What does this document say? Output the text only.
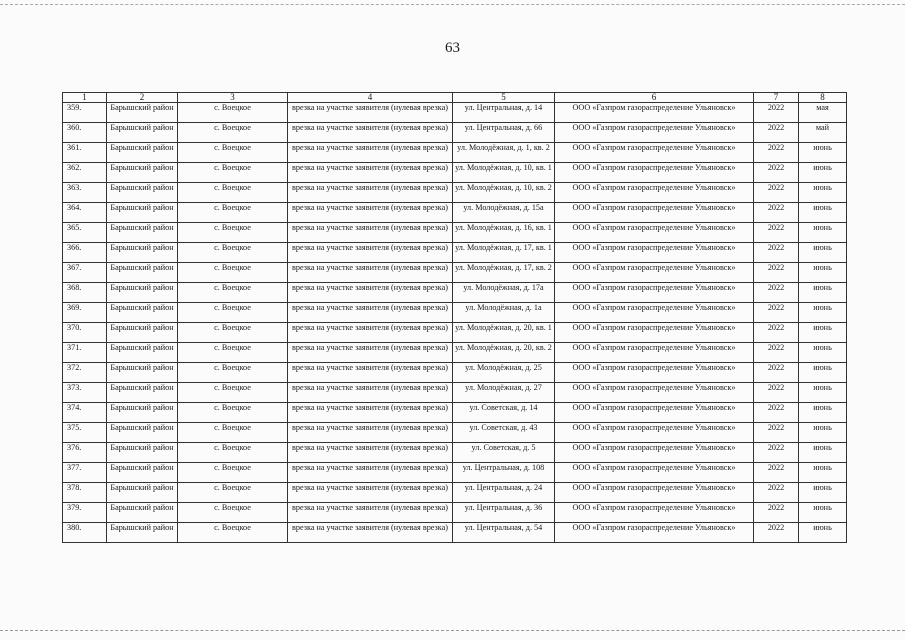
63
1	2	3	4	5	6	7	8
359.	Барышский район	с. Воецкое	врезка на участке заявителя (нулевая врезка)	ул. Центральная, д. 14	ООО «Газпром газораспределение Ульяновск»	2022	мая
360.	Барышский район	с. Воецкое	врезка на участке заявителя (нулевая врезка)	ул. Центральная, д. 66	ООО «Газпром газораспределение Ульяновск»	2022	май
361.	Барышский район	с. Воецкое	врезка на участке заявителя (нулевая врезка)	ул. Молодёжная, д. 1, кв. 2	ООО «Газпром газораспределение Ульяновск»	2022	июнь
362.	Барышский район	с. Воецкое	врезка на участке заявителя (нулевая врезка)	ул. Молодёжная, д. 10, кв. 1	ООО «Газпром газораспределение Ульяновск»	2022	июнь
363.	Барышский район	с. Воецкое	врезка на участке заявителя (нулевая врезка)	ул. Молодёжная, д. 10, кв. 2	ООО «Газпром газораспределение Ульяновск»	2022	июнь
364.	Барышский район	с. Воецкое	врезка на участке заявителя (нулевая врезка)	ул. Молодёжная, д. 15а	ООО «Газпром газораспределение Ульяновск»	2022	июнь
365.	Барышский район	с. Воецкое	врезка на участке заявителя (нулевая врезка)	ул. Молодёжная, д. 16, кв. 1	ООО «Газпром газораспределение Ульяновск»	2022	июнь
366.	Барышский район	с. Воецкое	врезка на участке заявителя (нулевая врезка)	ул. Молодёжная, д. 17, кв. 1	ООО «Газпром газораспределение Ульяновск»	2022	июнь
367.	Барышский район	с. Воецкое	врезка на участке заявителя (нулевая врезка)	ул. Молодёжная, д. 17, кв. 2	ООО «Газпром газораспределение Ульяновск»	2022	июнь
368.	Барышский район	с. Воецкое	врезка на участке заявителя (нулевая врезка)	ул. Молодёжная, д. 17а	ООО «Газпром газораспределение Ульяновск»	2022	июнь
369.	Барышский район	с. Воецкое	врезка на участке заявителя (нулевая врезка)	ул. Молодёжная, д. 1а	ООО «Газпром газораспределение Ульяновск»	2022	июнь
370.	Барышский район	с. Воецкое	врезка на участке заявителя (нулевая врезка)	ул. Молодёжная, д. 20, кв. 1	ООО «Газпром газораспределение Ульяновск»	2022	июнь
371.	Барышский район	с. Воецкое	врезка на участке заявителя (нулевая врезка)	ул. Молодёжная, д. 20, кв. 2	ООО «Газпром газораспределение Ульяновск»	2022	июнь
372.	Барышский район	с. Воецкое	врезка на участке заявителя (нулевая врезка)	ул. Молодёжная, д. 25	ООО «Газпром газораспределение Ульяновск»	2022	июнь
373.	Барышский район	с. Воецкое	врезка на участке заявителя (нулевая врезка)	ул. Молодёжная, д. 27	ООО «Газпром газораспределение Ульяновск»	2022	июнь
374.	Барышский район	с. Воецкое	врезка на участке заявителя (нулевая врезка)	ул. Советская, д. 14	ООО «Газпром газораспределение Ульяновск»	2022	июнь
375.	Барышский район	с. Воецкое	врезка на участке заявителя (нулевая врезка)	ул. Советская, д. 43	ООО «Газпром газораспределение Ульяновск»	2022	июнь
376.	Барышский район	с. Воецкое	врезка на участке заявителя (нулевая врезка)	ул. Советская, д. 5	ООО «Газпром газораспределение Ульяновск»	2022	июнь
377.	Барышский район	с. Воецкое	врезка на участке заявителя (нулевая врезка)	ул. Центральная, д. 108	ООО «Газпром газораспределение Ульяновск»	2022	июнь
378.	Барышский район	с. Воецкое	врезка на участке заявителя (нулевая врезка)	ул. Центральная, д. 24	ООО «Газпром газораспределение Ульяновск»	2022	июнь
379.	Барышский район	с. Воецкое	врезка на участке заявителя (нулевая врезка)	ул. Центральная, д. 36	ООО «Газпром газораспределение Ульяновск»	2022	июнь
380.	Барышский район	с. Воецкое	врезка на участке заявителя (нулевая врезка)	ул. Центральная, д. 54	ООО «Газпром газораспределение Ульяновск»	2022	июнь
